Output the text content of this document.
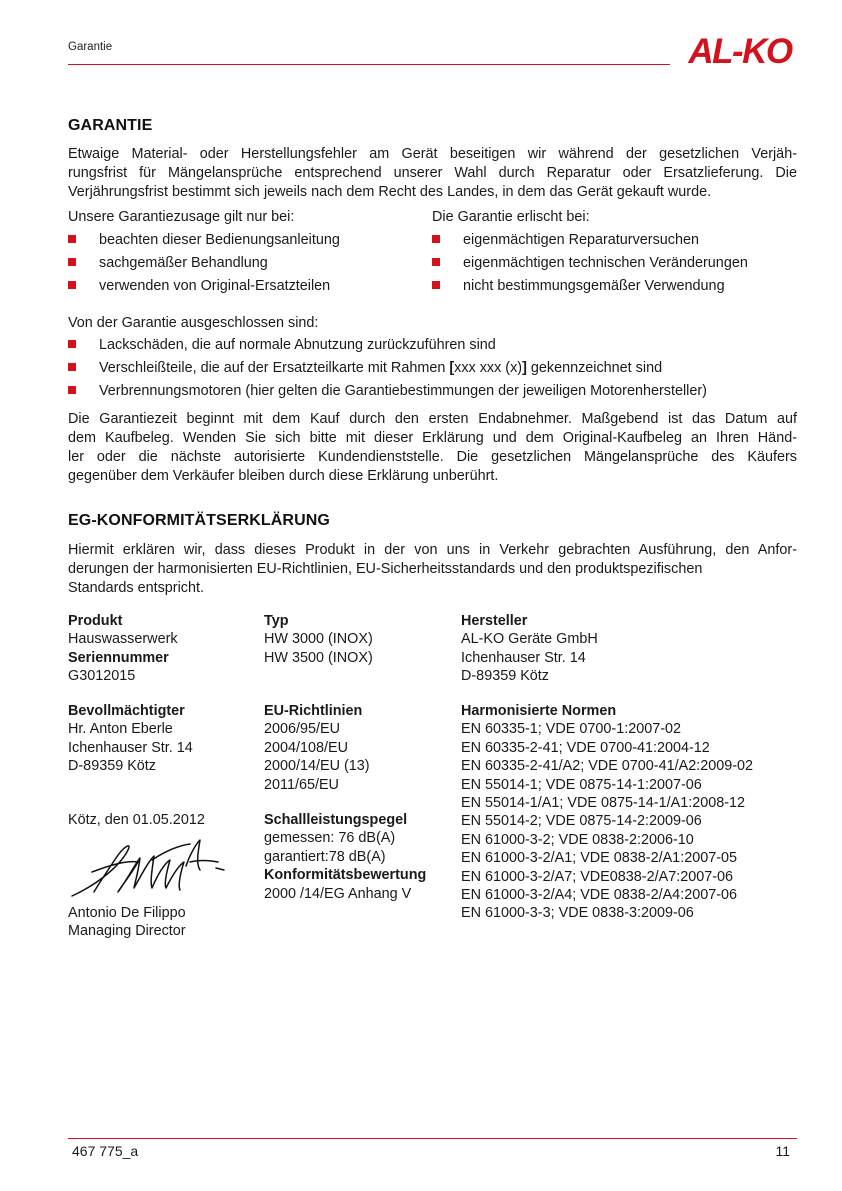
Garantie	AL-KO
GARANTIE
Etwaige Material- oder Herstellungsfehler am Gerät beseitigen wir während der gesetzlichen Verjäh-
rungsfrist für Mängelansprüche entsprechend unserer Wahl durch Reparatur oder Ersatzlieferung. Die
Verjährungsfrist bestimmt sich jeweils nach dem Recht des Landes, in dem das Gerät gekauft wurde.
Unsere Garantiezusage gilt nur bei:
beachten dieser Bedienungsanleitung
sachgemäßer Behandlung
verwenden von Original-Ersatzteilen
Die Garantie erlischt bei:
eigenmächtigen Reparaturversuchen
eigenmächtigen technischen Veränderungen
nicht bestimmungsgemäßer Verwendung
Von der Garantie ausgeschlossen sind:
Lackschäden, die auf normale Abnutzung zurückzuführen sind
Verschleißteile, die auf der Ersatzteilkarte mit Rahmen [xxx xxx (x)] gekennzeichnet sind
Verbrennungsmotoren (hier gelten die Garantiebestimmungen der jeweiligen Motorenhersteller)
Die Garantiezeit beginnt mit dem Kauf durch den ersten Endabnehmer. Maßgebend ist das Datum auf
dem Kaufbeleg. Wenden Sie sich bitte mit dieser Erklärung und dem Original-Kaufbeleg an Ihren Händ-
ler oder die nächste autorisierte Kundendienststelle. Die gesetzlichen Mängelansprüche des Käufers
gegenüber dem Verkäufer bleiben durch diese Erklärung unberührt.
EG-KONFORMITÄTSERKLÄRUNG
Hiermit erklären wir, dass dieses Produkt in der von uns in Verkehr gebrachten Ausführung, den Anfor-
derungen der harmonisierten EU-Richtlinien, EU-Sicherheitsstandards und den produktspezifischen
Standards entspricht.
Produkt
Hauswasserwerk
Seriennummer
G3012015
Bevollmächtigter
Hr. Anton Eberle
Ichenhauser Str. 14
D-89359 Kötz
Kötz, den 01.05.2012
Antonio De Filippo
Managing Director
Typ
HW 3000 (INOX)
HW 3500 (INOX)
EU-Richtlinien
2006/95/EU
2004/108/EU
2000/14/EU (13)
2011/65/EU
Schallleistungspegel
gemessen: 76 dB(A)
garantiert:78 dB(A)
Konformitätsbewertung
2000 /14/EG Anhang V
Hersteller
AL-KO Geräte GmbH
Ichenhauser Str. 14
D-89359 Kötz
Harmonisierte Normen
EN 60335-1; VDE 0700-1:2007-02
EN 60335-2-41; VDE 0700-41:2004-12
EN 60335-2-41/A2; VDE 0700-41/A2:2009-02
EN 55014-1; VDE 0875-14-1:2007-06
EN 55014-1/A1; VDE 0875-14-1/A1:2008-12
EN 55014-2; VDE 0875-14-2:2009-06
EN 61000-3-2; VDE 0838-2:2006-10
EN 61000-3-2/A1; VDE 0838-2/A1:2007-05
EN 61000-3-2/A7; VDE0838-2/A7:2007-06
EN 61000-3-2/A4; VDE 0838-2/A4:2007-06
EN 61000-3-3; VDE 0838-3:2009-06
467 775_a	11
